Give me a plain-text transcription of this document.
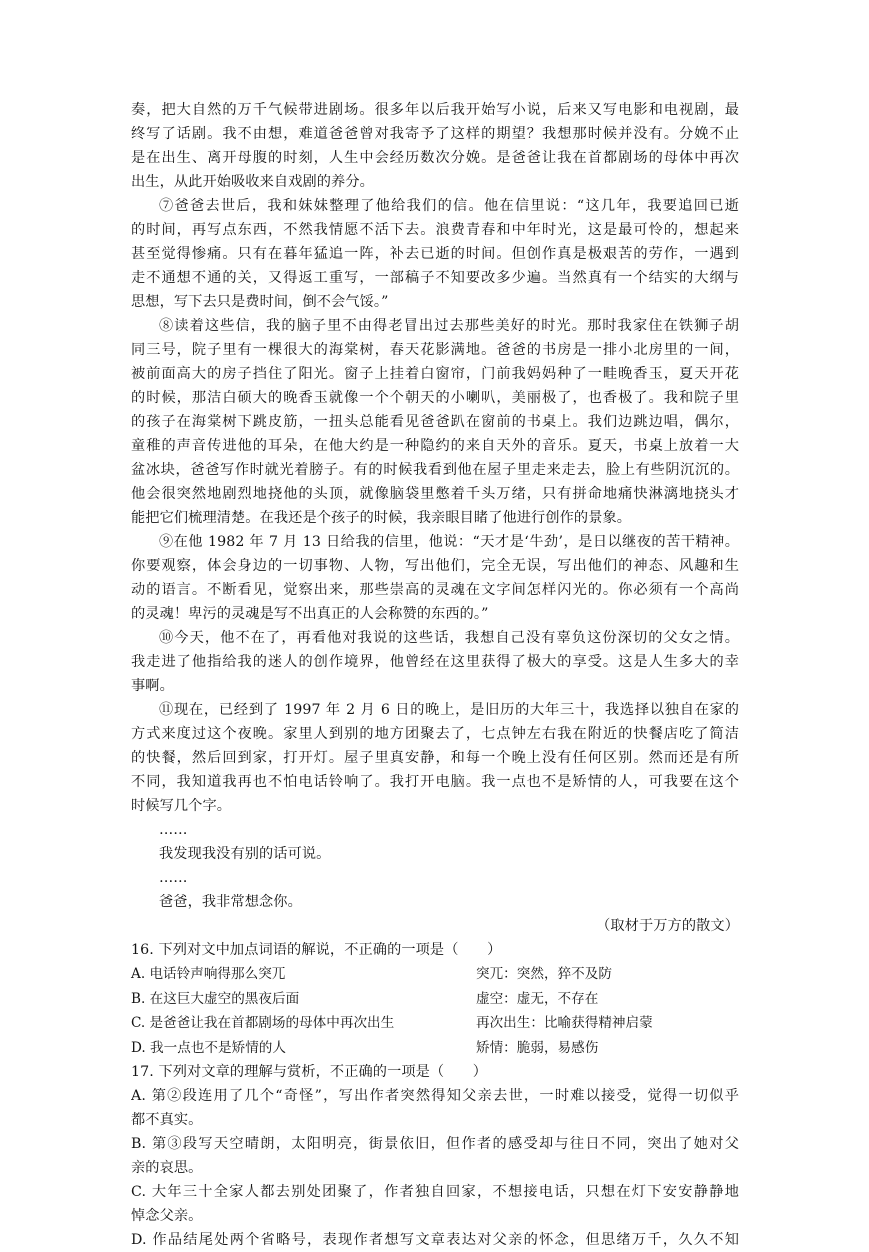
奏，把大自然的万千气候带进剧场。很多年以后我开始写小说，后来又写电影和电视剧，最
终写了话剧。我不由想，难道爸爸曾对我寄予了这样的期望？我想那时候并没有。分娩不止
是在出生、离开母腹的时刻，人生中会经历数次分娩。是爸爸让我在首都剧场的母体中再次
出生，从此开始吸收来自戏剧的养分。
⑦爸爸去世后，我和妹妹整理了他给我们的信。他在信里说：“这几年，我要追回已逝
的时间，再写点东西，不然我情愿不活下去。浪费青春和中年时光，这是最可怜的，想起来
甚至觉得惨痛。只有在暮年猛追一阵，补去已逝的时间。但创作真是极艰苦的劳作，一遇到
走不通想不通的关，又得返工重写，一部稿子不知要改多少遍。当然真有一个结实的大纲与
思想，写下去只是费时间，倒不会气馁。”
⑧读着这些信，我的脑子里不由得老冒出过去那些美好的时光。那时我家住在铁狮子胡
同三号，院子里有一棵很大的海棠树，春天花影满地。爸爸的书房是一排小北房里的一间，
被前面高大的房子挡住了阳光。窗子上挂着白窗帘，门前我妈妈种了一畦晚香玉，夏天开花
的时候，那洁白硕大的晚香玉就像一个个朝天的小喇叭，美丽极了，也香极了。我和院子里
的孩子在海棠树下跳皮筋，一扭头总能看见爸爸趴在窗前的书桌上。我们边跳边唱，偶尔，
童稚的声音传进他的耳朵，在他大约是一种隐约的来自天外的音乐。夏天，书桌上放着一大
盆冰块，爸爸写作时就光着膀子。有的时候我看到他在屋子里走来走去，脸上有些阴沉沉的。
他会很突然地剧烈地挠他的头顶，就像脑袋里憋着千头万绪，只有拼命地痛快淋漓地挠头才
能把它们梳理清楚。在我还是个孩子的时候，我亲眼目睹了他进行创作的景象。
⑨在他 1982 年 7 月 13 日给我的信里，他说：“天才是‘牛劲’，是日以继夜的苦干精神。
你要观察，体会身边的一切事物、人物，写出他们，完全无误，写出他们的神态、风趣和生
动的语言。不断看见，觉察出来，那些崇高的灵魂在文字间怎样闪光的。你必须有一个高尚
的灵魂！卑污的灵魂是写不出真正的人会称赞的东西的。”
⑩今天，他不在了，再看他对我说的这些话，我想自己没有辜负这份深切的父女之情。
我走进了他指给我的迷人的创作境界，他曾经在这里获得了极大的享受。这是人生多大的幸
事啊。
⑪现在，已经到了 1997 年 2 月 6 日的晚上，是旧历的大年三十，我选择以独自在家的
方式来度过这个夜晚。家里人到别的地方团聚去了，七点钟左右我在附近的快餐店吃了简洁
的快餐，然后回到家，打开灯。屋子里真安静，和每一个晚上没有任何区别。然而还是有所
不同，我知道我再也不怕电话铃响了。我打开电脑。我一点也不是矫情的人，可我要在这个
时候写几个字。
……
我发现我没有别的话可说。
……
爸爸，我非常想念你。
（取材于万方的散文）
16. 下列对文中加点词语的解说，不正确的一项是（　　）
A. 电话铃声响得那么突兀	突兀：突然，猝不及防
B. 在这巨大虚空的黑夜后面	虚空：虚无，不存在
C. 是爸爸让我在首都剧场的母体中再次出生	再次出生：比喻获得精神启蒙
D. 我一点也不是矫情的人	矫情：脆弱，易感伤
17. 下列对文章的理解与赏析，不正确的一项是（　　）
A. 第②段连用了几个“奇怪”，写出作者突然得知父亲去世，一时难以接受，觉得一切似乎
都不真实。
B. 第③段写天空晴朗，太阳明亮，街景依旧，但作者的感受却与往日不同，突出了她对父
亲的哀思。
C. 大年三十全家人都去别处团聚了，作者独自回家，不想接电话，只想在灯下安安静静地
悼念父亲。
D. 作品结尾处两个省略号，表现作者想写文章表达对父亲的怀念，但思绪万千，久久不知
